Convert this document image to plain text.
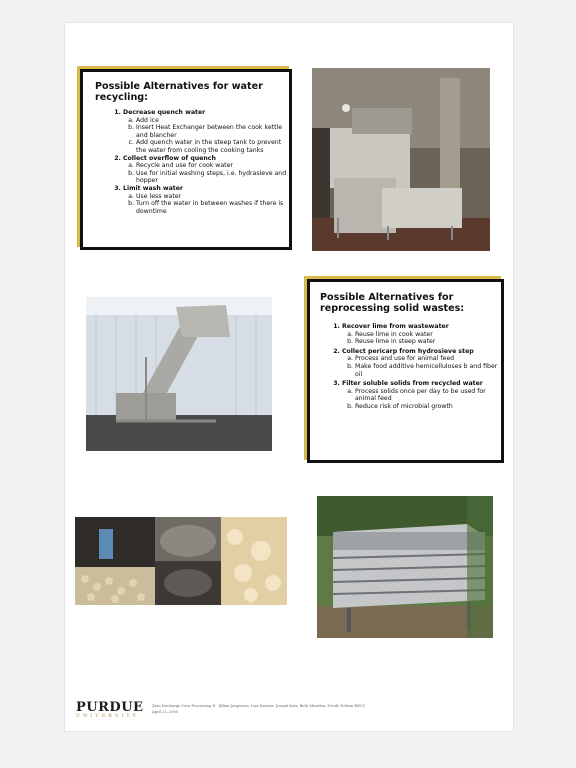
Possible Alternatives for water recycling:
1. Decrease quench water
a. Add ice
b. Insert Heat Exchanger between the cook kettle and blancher
c. Add quench water in the steep tank to prevent the water from cooling the cooking tanks
2. Collect overflow of quench
a. Recycle and use for cook water
b. Use for initial washing steps, i.e. hydrasieve and hopper
3. Limit wash water
a. Use less water
b. Turn off the water in between washes if there is downtime
Possible Alternatives for reprocessing solid wastes:
1. Recover lime from wastewater
a. Reuse lime in cook water
b. Reuse lime in steep water
2. Collect pericarp from hydrosieve step
a. Process and use for animal feed
b. Make food additive hemicelluloses b and fiber oil
3. Filter soluble solids from recycled water
a. Process solids once per day to be used for animal feed
b. Reduce risk of microbial growth
PURDUE
UNIVERSITY
Zero Discharge Corn Processing II - Jillian Jorgensen, Lisa Kastner, Joseph Kutz, Beth Miratlon, Nicole Nelson BSUS
April 21, 2005
